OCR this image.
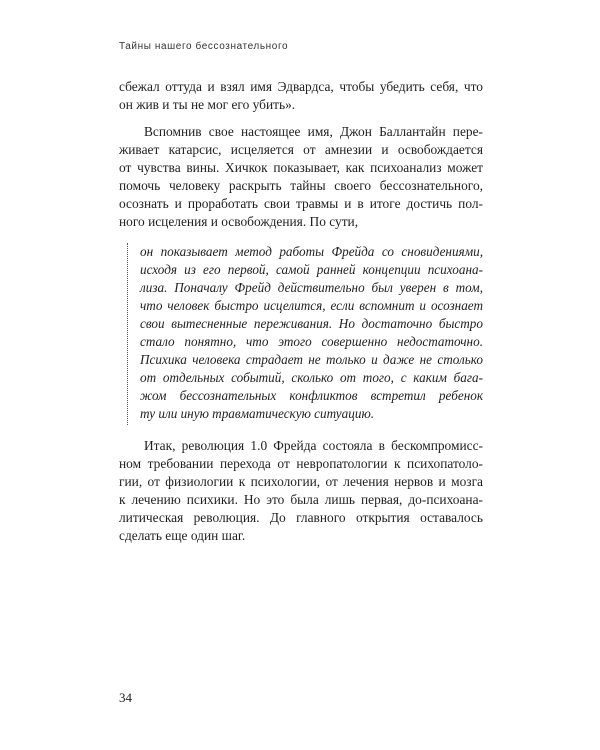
Тайны нашего бессознательного
сбежал оттуда и взял имя Эдвардса, чтобы убедить себя, что
он жив и ты не мог его убить».
Вспомнив свое настоящее имя, Джон Баллантайн пере-
живает катарсис, исцеляется от амнезии и освобождается
от чувства вины. Хичкок показывает, как психоанализ может
помочь человеку раскрыть тайны своего бессознательного,
осознать и проработать свои травмы и в итоге достичь пол-
ного исцеления и освобождения. По сути,
он показывает метод работы Фрейда со сновидениями,
исходя из его первой, самой ранней концепции психоана-
лиза. Поначалу Фрейд действительно был уверен в том,
что человек быстро исцелится, если вспомнит и осознает
свои вытесненные переживания. Но достаточно быстро
стало понятно, что этого совершенно недостаточно.
Психика человека страдает не только и даже не столько
от отдельных событий, сколько от того, с каким бага-
жом бессознательных конфликтов встретил ребенок
ту или иную травматическую ситуацию.
Итак, революция 1.0 Фрейда состояла в бескомпромисс-
ном требовании перехода от невропатологии к психопатоло-
гии, от физиологии к психологии, от лечения нервов и мозга
к лечению психики. Но это была лишь первая, до-психоана-
литическая революция. До главного открытия оставалось
сделать еще один шаг.
34
